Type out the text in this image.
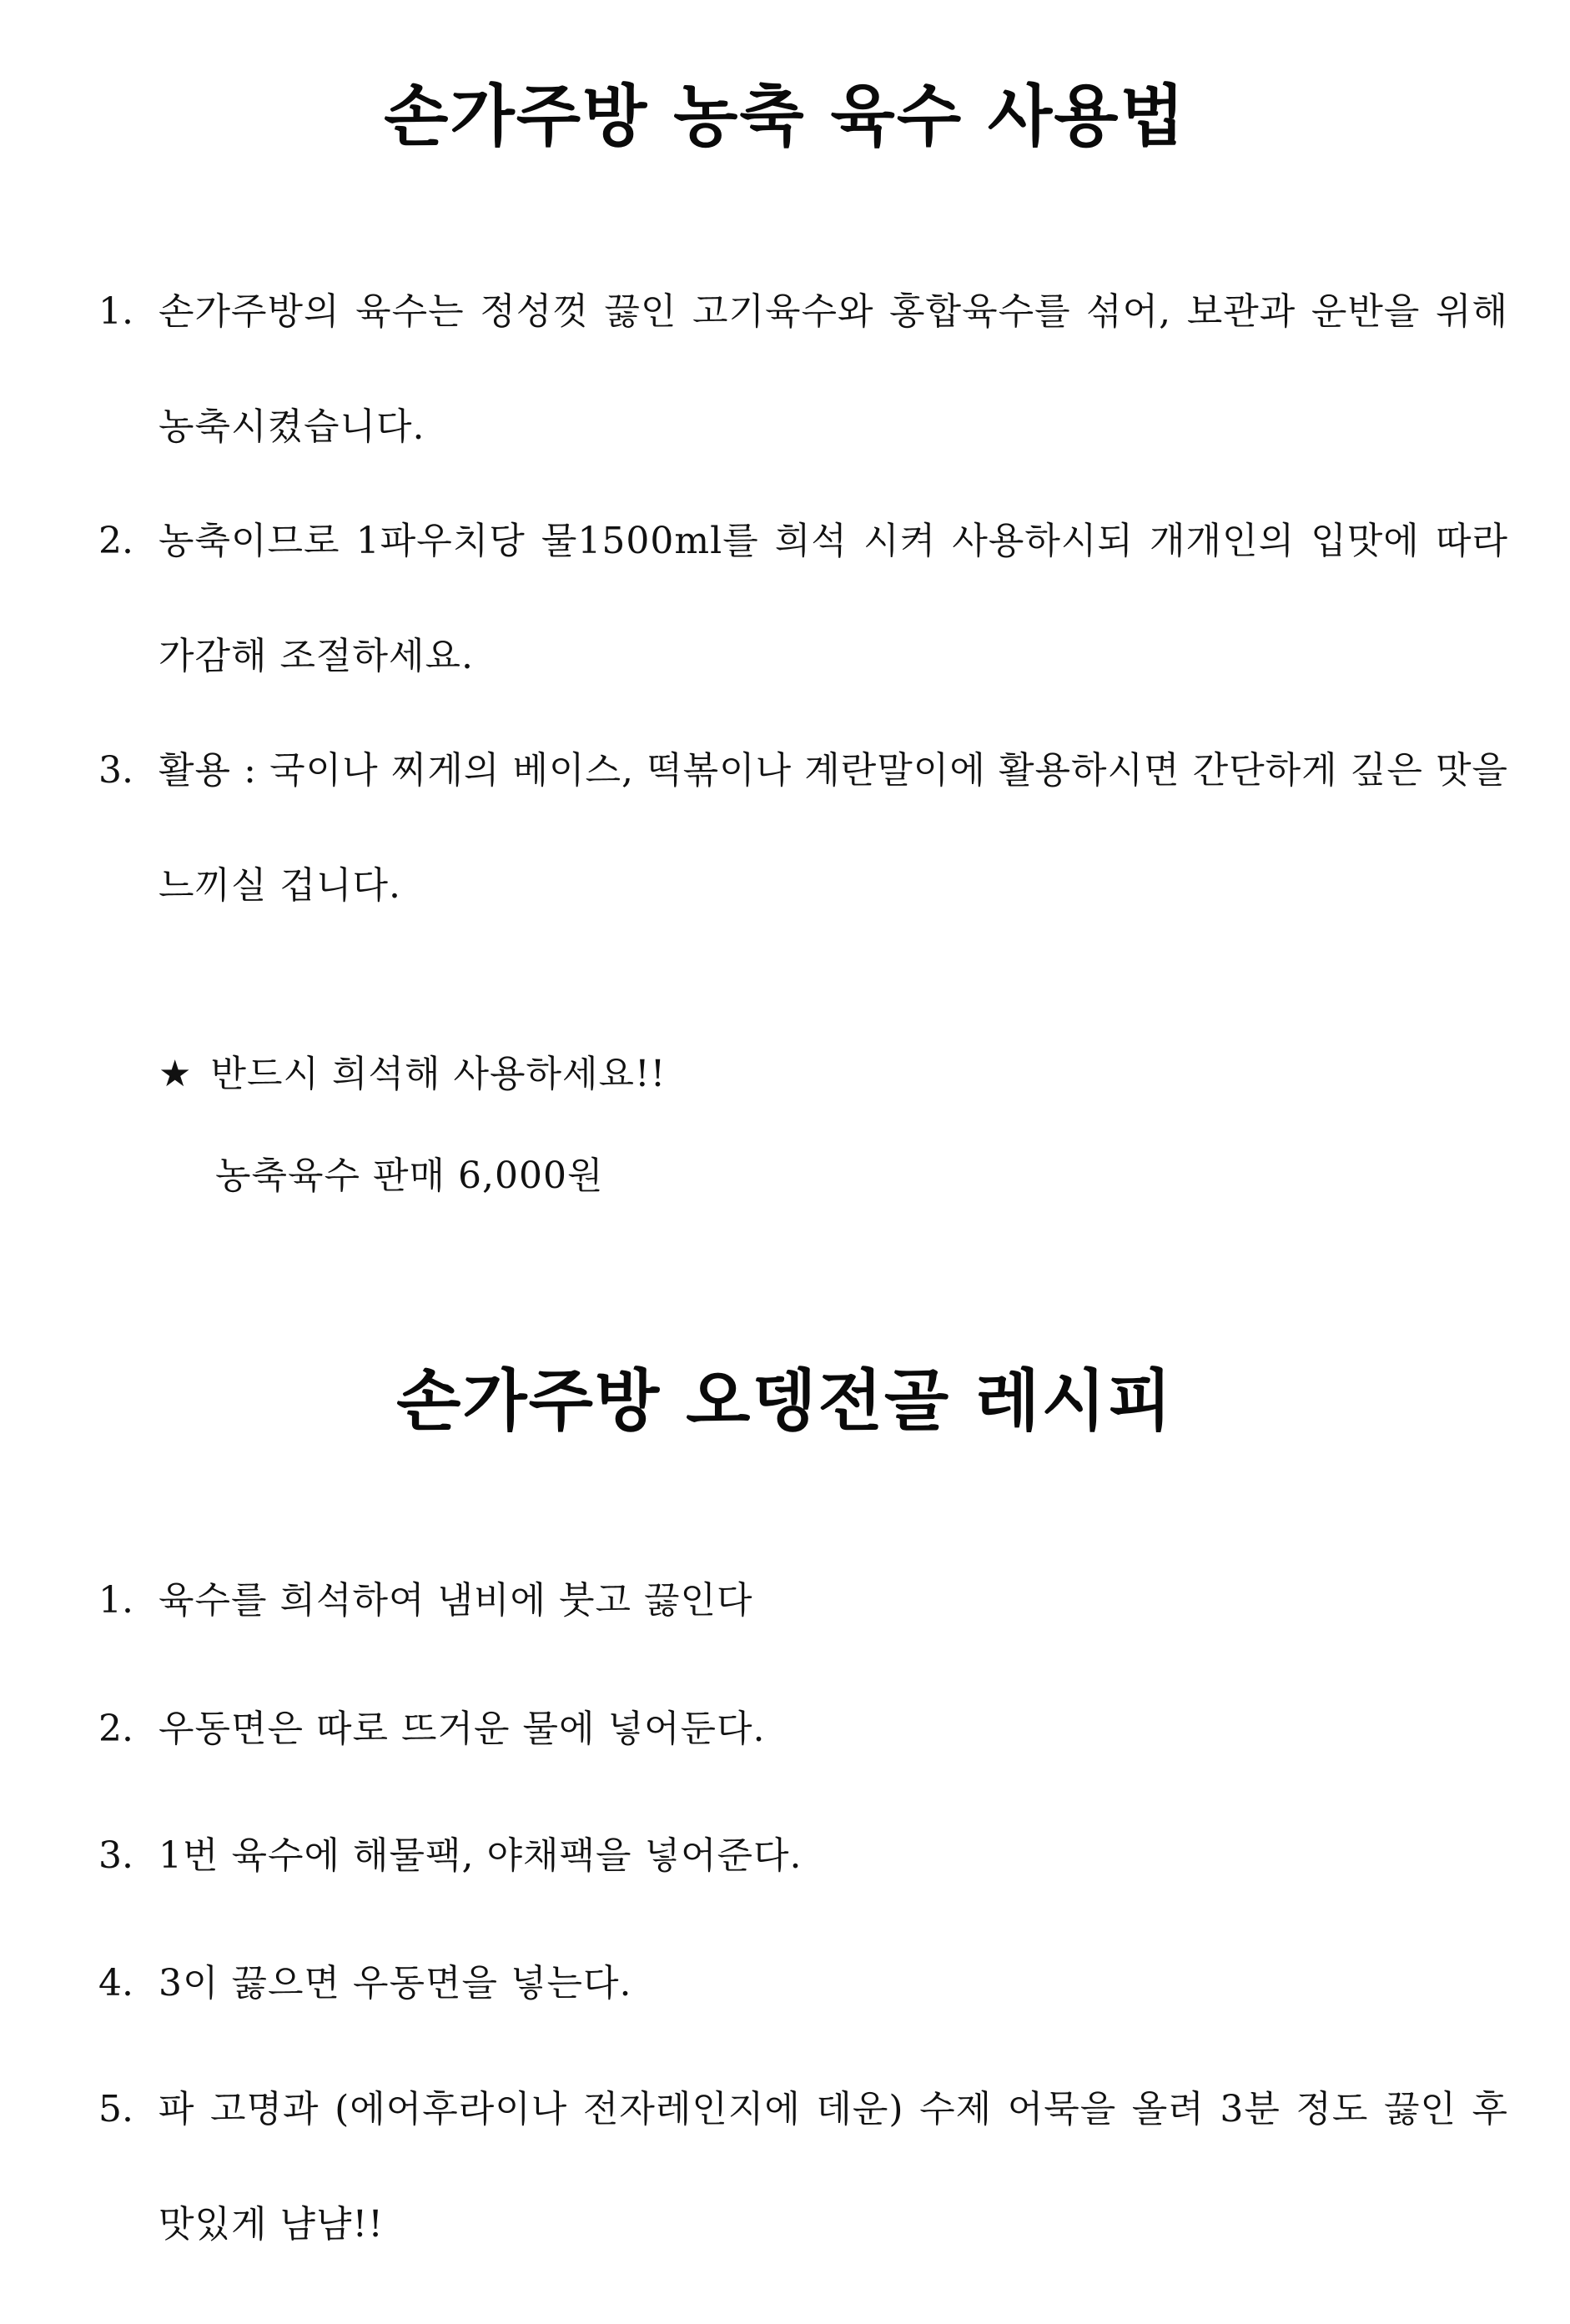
손가주방 농축 육수 사용법
1. 손가주방의 육수는 정성껏 끓인 고기육수와 홍합육수를 섞어, 보관과 운반을 위해 농축시켰습니다.
2. 농축이므로 1파우치당 물1500ml를 희석 시켜 사용하시되 개개인의 입맛에 따라 가감해 조절하세요.
3. 활용 : 국이나 찌게의 베이스, 떡볶이나 계란말이에 활용하시면 간단하게 깊은 맛을 느끼실 겁니다.
★ 반드시 희석해 사용하세요!!
농축육수 판매 6,000원
손가주방 오뎅전골 레시피
1. 육수를 희석하여 냄비에 붓고 끓인다
2. 우동면은 따로 뜨거운 물에 넣어둔다.
3. 1번 육수에 해물팩, 야채팩을 넣어준다.
4. 3이 끓으면 우동면을 넣는다.
5. 파 고명과 (에어후라이나 전자레인지에 데운) 수제 어묵을 올려 3분 정도 끓인 후 맛있게 냠냠!!
